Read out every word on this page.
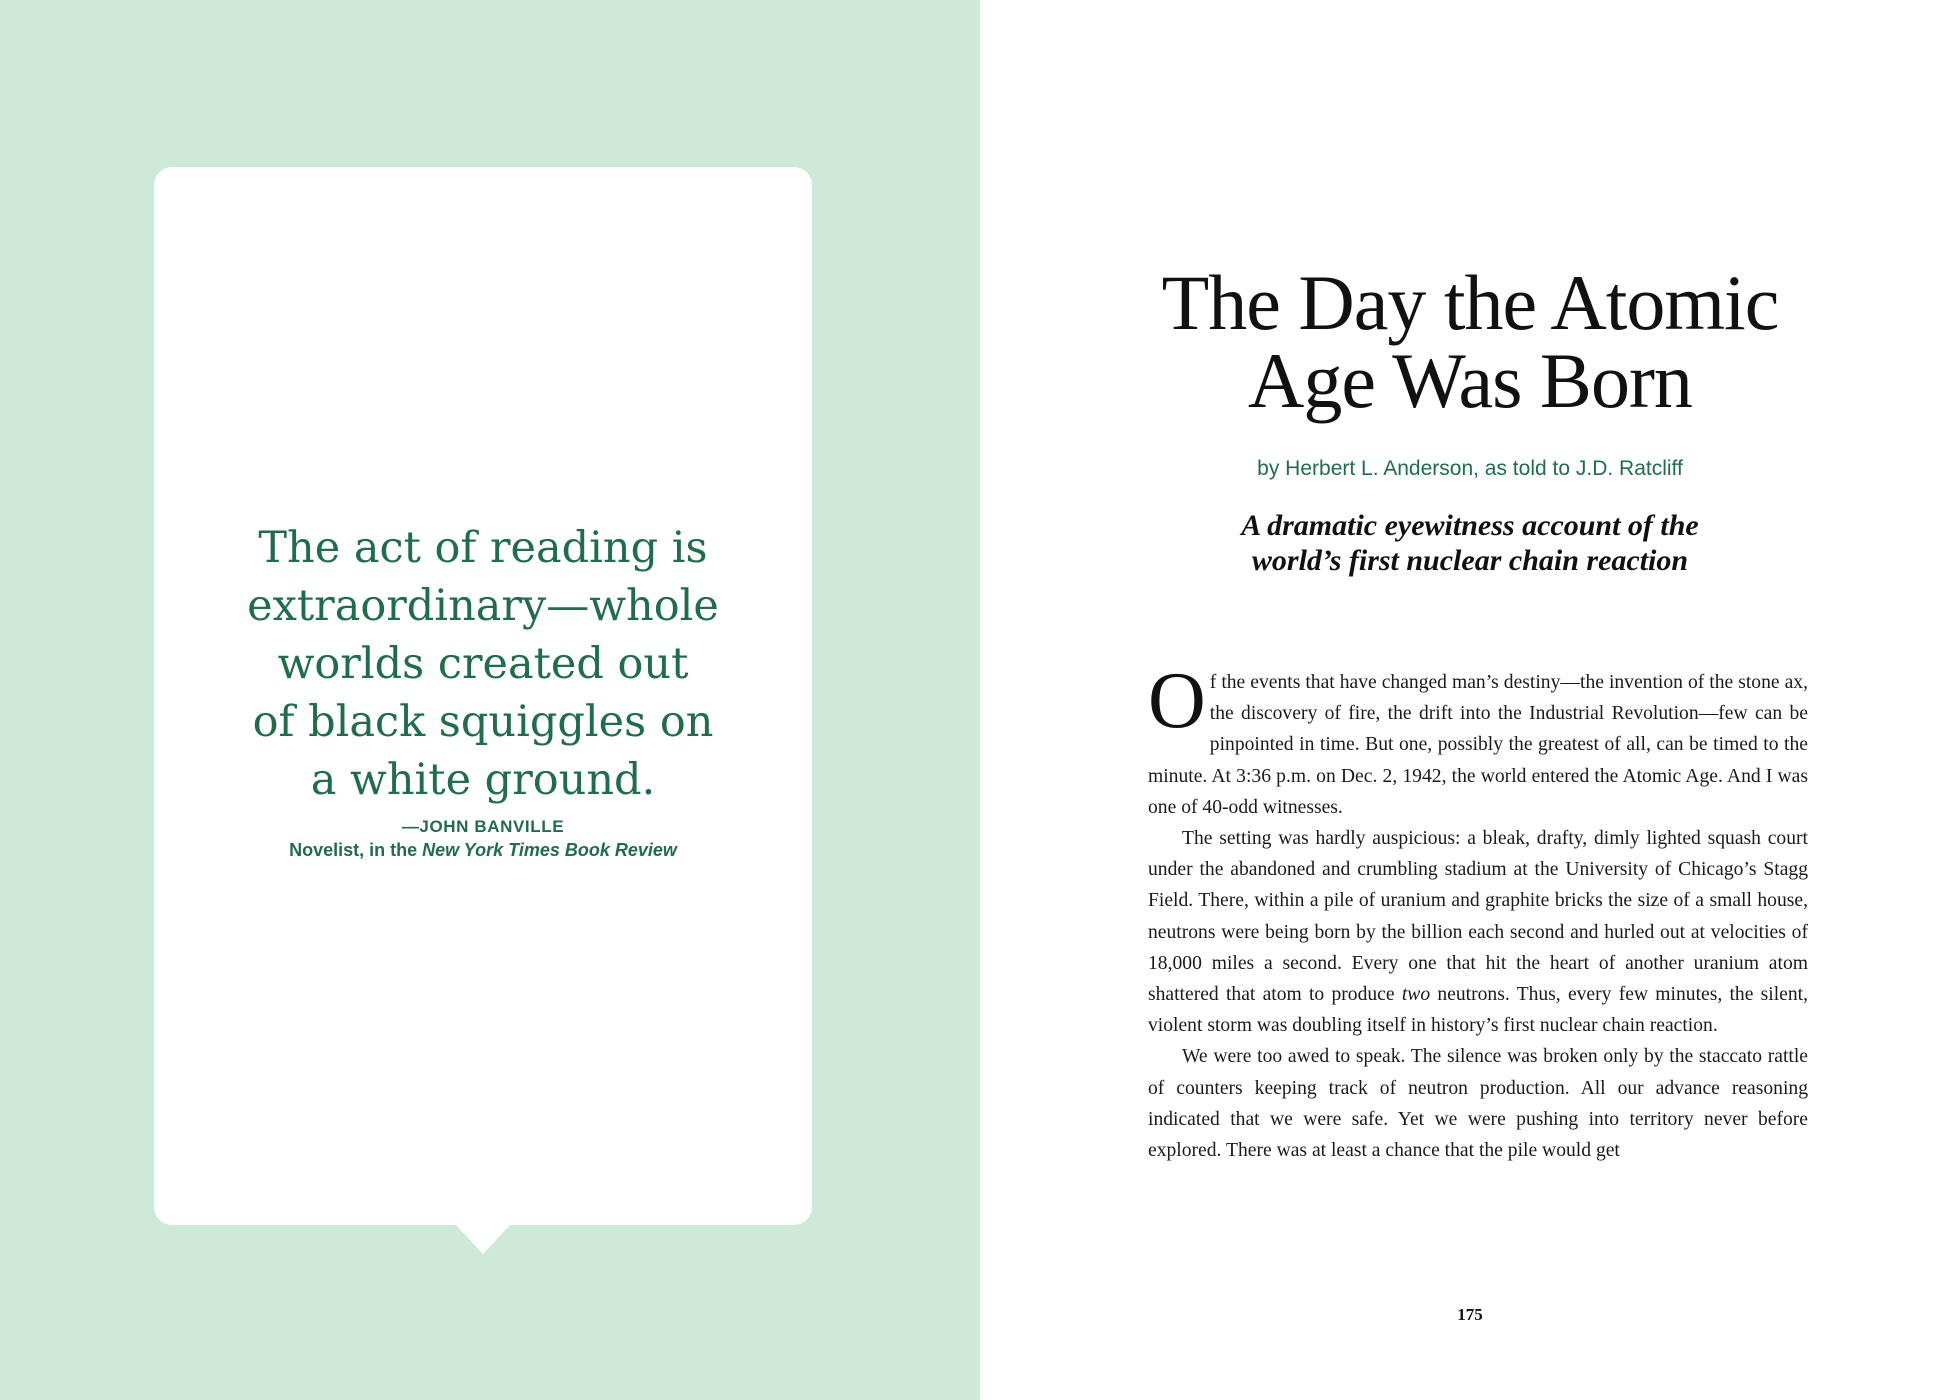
The act of reading is
extraordinary—whole
worlds created out
of black squiggles on
a white ground.

—JOHN BANVILLE
Novelist, in the New York Times Book Review
The Day the Atomic
Age Was Born
by Herbert L. Anderson, as told to J.D. Ratcliff

A dramatic eyewitness account of the
world’s first nuclear chain reaction

Of the events that have changed man’s destiny—the invention of the stone ax, the discovery of fire, the drift into the Industrial Revolution—few can be pinpointed in time. But one, possibly the greatest of all, can be timed to the minute. At 3:36 p.m. on Dec. 2, 1942, the world entered the Atomic Age. And I was one of 40-odd witnesses.

The setting was hardly auspicious: a bleak, drafty, dimly lighted squash court under the abandoned and crumbling stadium at the University of Chicago’s Stagg Field. There, within a pile of uranium and graphite bricks the size of a small house, neutrons were being born by the billion each second and hurled out at velocities of 18,000 miles a second. Every one that hit the heart of another uranium atom shattered that atom to produce two neutrons. Thus, every few minutes, the silent, violent storm was doubling itself in history’s first nuclear chain reaction.

We were too awed to speak. The silence was broken only by the staccato rattle of counters keeping track of neutron production. All our advance reasoning indicated that we were safe. Yet we were pushing into territory never before explored. There was at least a chance that the pile would get

175
